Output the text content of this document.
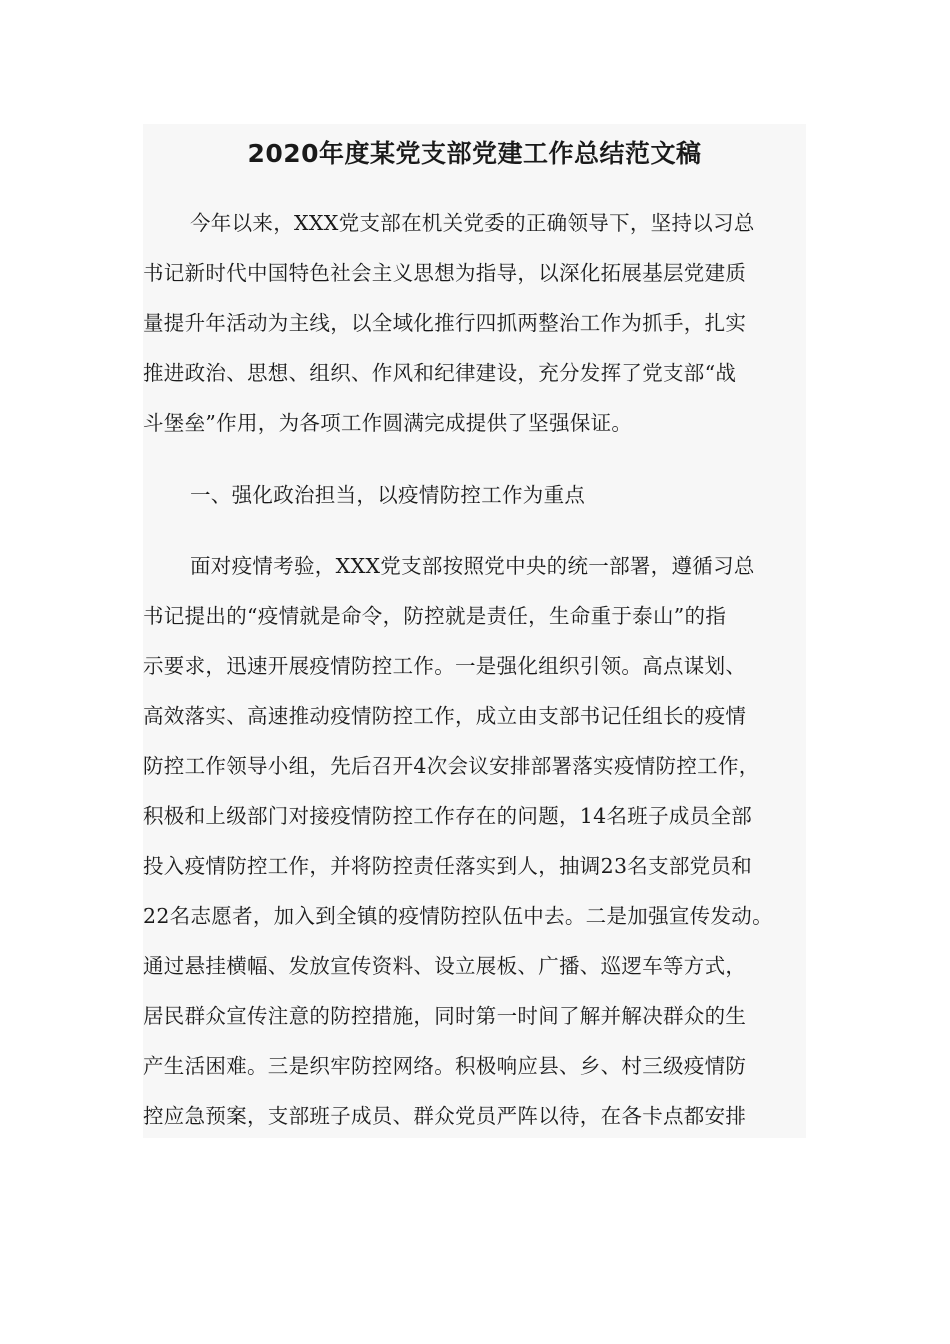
2020年度某党支部党建工作总结范文稿
今年以来，XXX党支部在机关党委的正确领导下，坚持以习总
书记新时代中国特色社会主义思想为指导，以深化拓展基层党建质
量提升年活动为主线，以全域化推行四抓两整治工作为抓手，扎实
推进政治、思想、组织、作风和纪律建设，充分发挥了党支部“战
斗堡垒”作用，为各项工作圆满完成提供了坚强保证。
一、强化政治担当，以疫情防控工作为重点
面对疫情考验，XXX党支部按照党中央的统一部署，遵循习总
书记提出的“疫情就是命令，防控就是责任，生命重于泰山”的指
示要求，迅速开展疫情防控工作。一是强化组织引领。高点谋划、
高效落实、高速推动疫情防控工作，成立由支部书记任组长的疫情
防控工作领导小组，先后召开4次会议安排部署落实疫情防控工作，
积极和上级部门对接疫情防控工作存在的问题，14名班子成员全部
投入疫情防控工作，并将防控责任落实到人，抽调23名支部党员和
22名志愿者，加入到全镇的疫情防控队伍中去。二是加强宣传发动。
通过悬挂横幅、发放宣传资料、设立展板、广播、巡逻车等方式，
居民群众宣传注意的防控措施，同时第一时间了解并解决群众的生
产生活困难。三是织牢防控网络。积极响应县、乡、村三级疫情防
控应急预案，支部班子成员、群众党员严阵以待，在各卡点都安排
